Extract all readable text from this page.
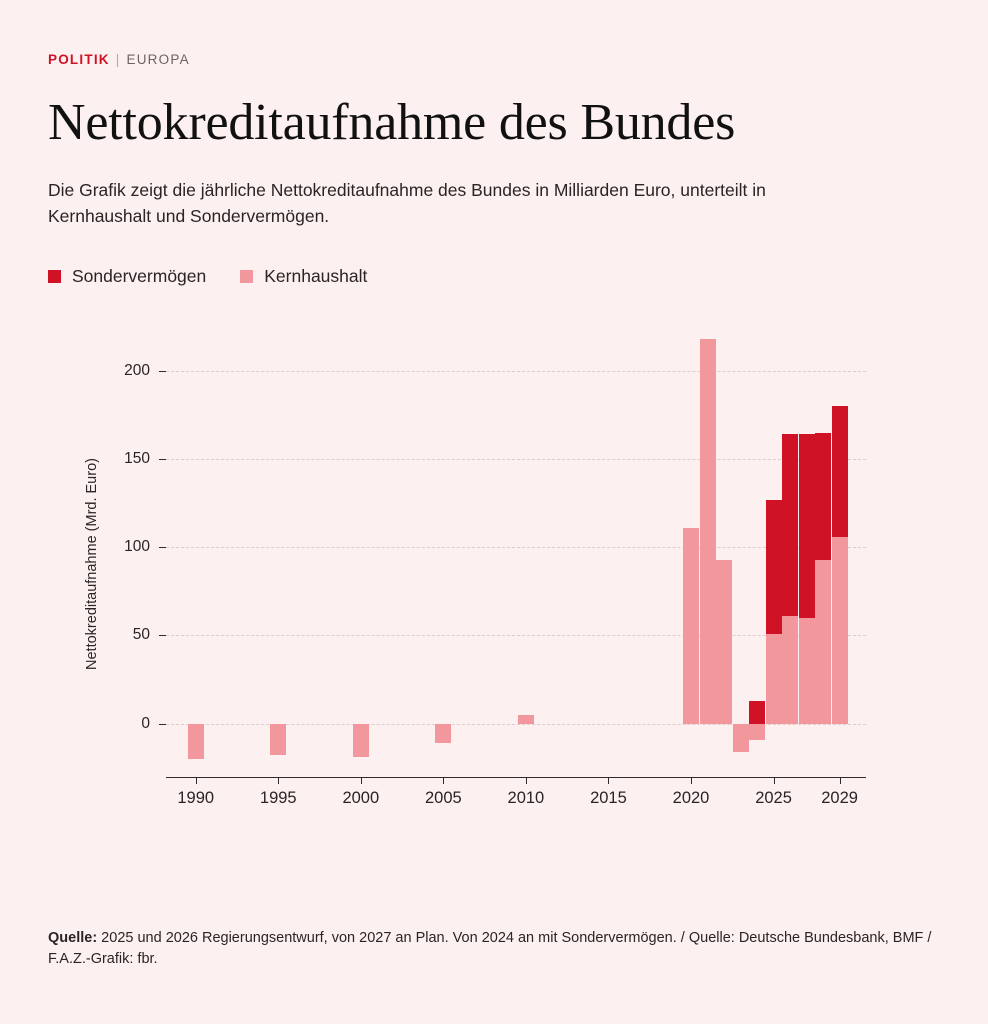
POLITIK | EUROPA
Nettokreditaufnahme des Bundes
Die Grafik zeigt die jährliche Nettokreditaufnahme des Bundes in Milliarden Euro, unterteilt in Kernhaushalt und Sondervermögen.
Sondervermögen	Kernhaushalt
Nettokreditaufnahme (Mrd. Euro)
0
50
100
150
200
1990	1995	2000	2005	2010	2015	2020	2025 2029
Quelle: 2025 und 2026 Regierungsentwurf, von 2027 an Plan. Von 2024 an mit Sondervermögen. / Quelle: Deutsche Bundesbank, BMF / F.A.Z.-Grafik: fbr.
